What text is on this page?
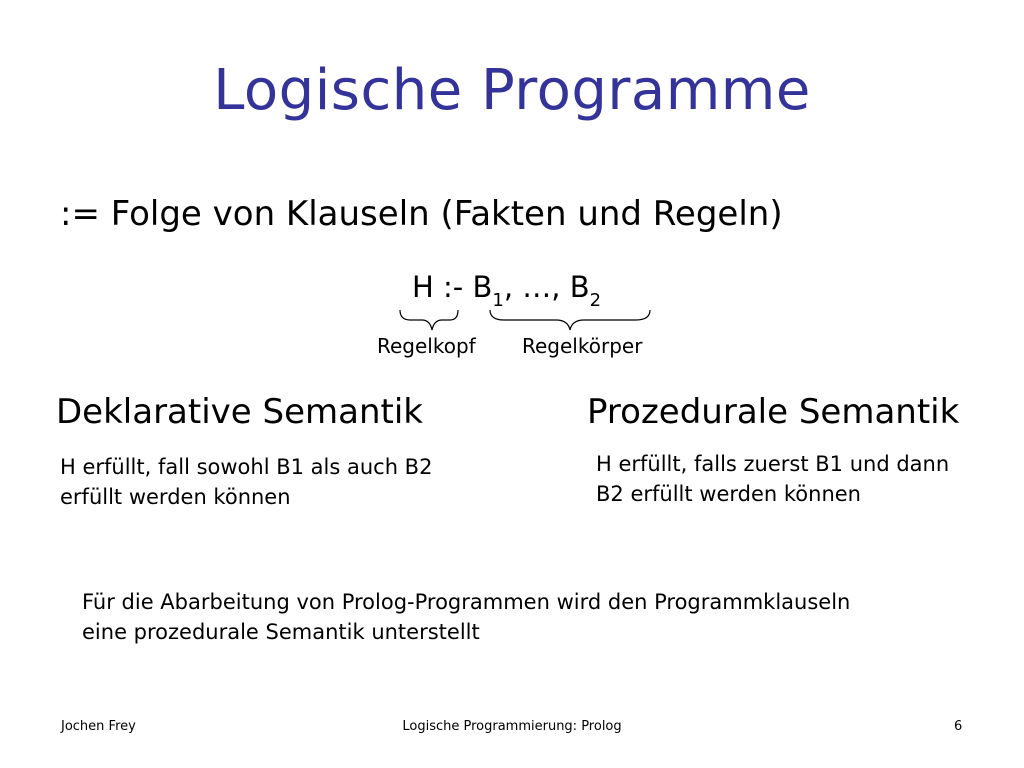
Logische Programme
:= Folge von Klauseln (Fakten und Regeln)
H :- $B_1$, …, $B_2$
Regelkopf Regelkörper
Deklarative Semantik	Prozedurale Semantik
H erfüllt, fall sowohl B1 als auch B2
erfüllt werden können
H erfüllt, falls zuerst B1 und dann
B2 erfüllt werden können
Für die Abarbeitung von Prolog-Programmen wird den Programmklauseln
eine prozedurale Semantik unterstellt
Jochen Frey	Logische Programmierung: Prolog	6
